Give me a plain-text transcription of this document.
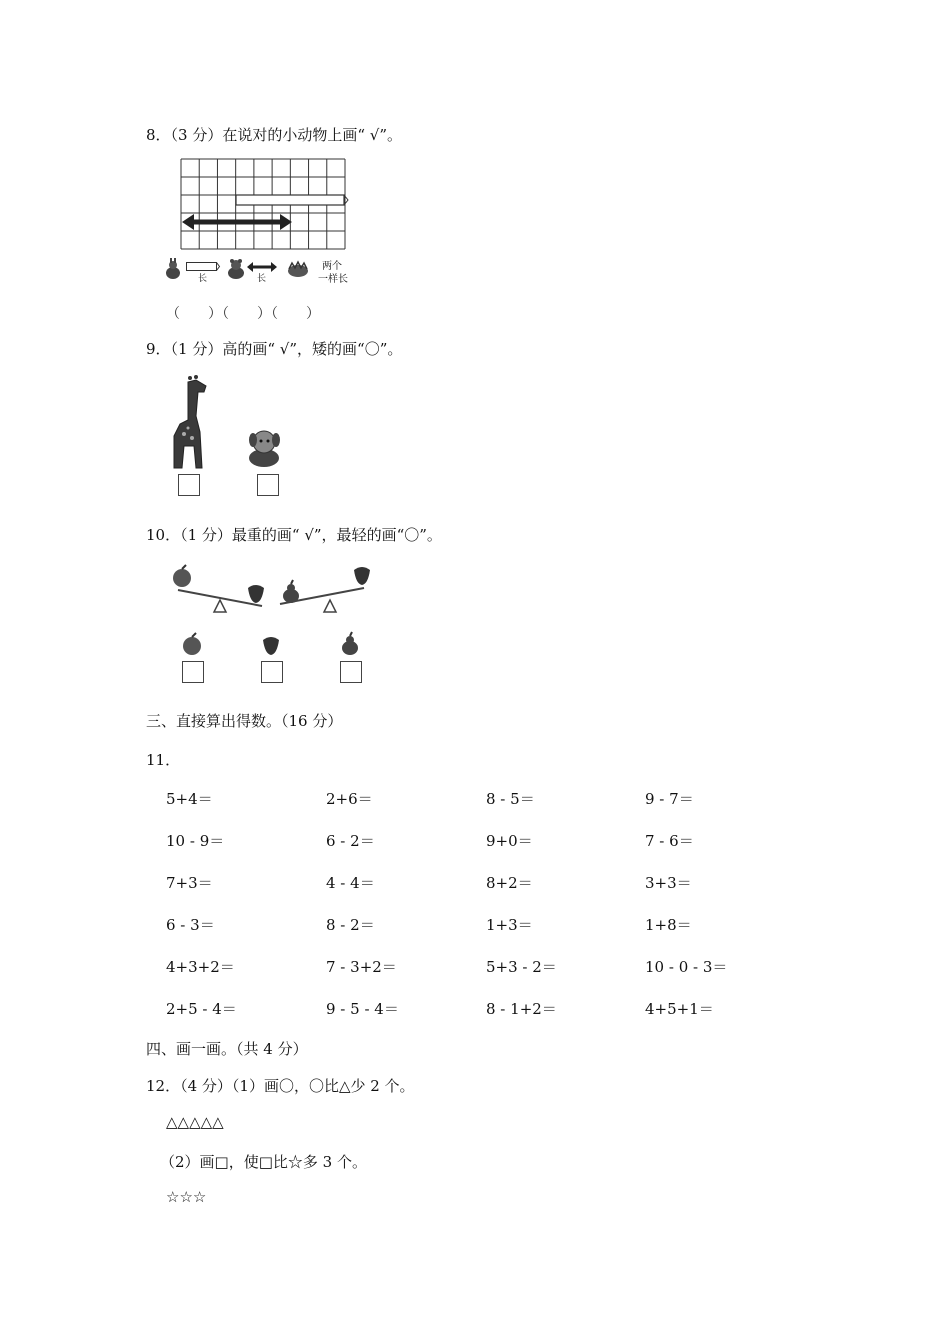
8．（3 分）在说对的小动物上画“ √”。
长	长
两个
一样长
（　　）（　　）（　　）
9．（1 分）高的画“ √”，矮的画“〇”。
10．（1 分）最重的画“ √”，最轻的画“〇”。
三、直接算出得数。（16 分）
11．
四、画一画。（共 4 分）
12．（4 分）（1）画〇，〇比△少 2 个。
△△△△△
（2）画□，使□比☆多 3 个。
☆☆☆
5+4＝	2+6＝	8 - 5＝	9 - 7＝
10 - 9＝	6 - 2＝	9+0＝	7 - 6＝
7+3＝	4 - 4＝	8+2＝	3+3＝
6 - 3＝	8 - 2＝	1+3＝	1+8＝
4+3+2＝	7 - 3+2＝	5+3 - 2＝	10 - 0 - 3＝
2+5 - 4＝	9 - 5 - 4＝	8 - 1+2＝	4+5+1＝
